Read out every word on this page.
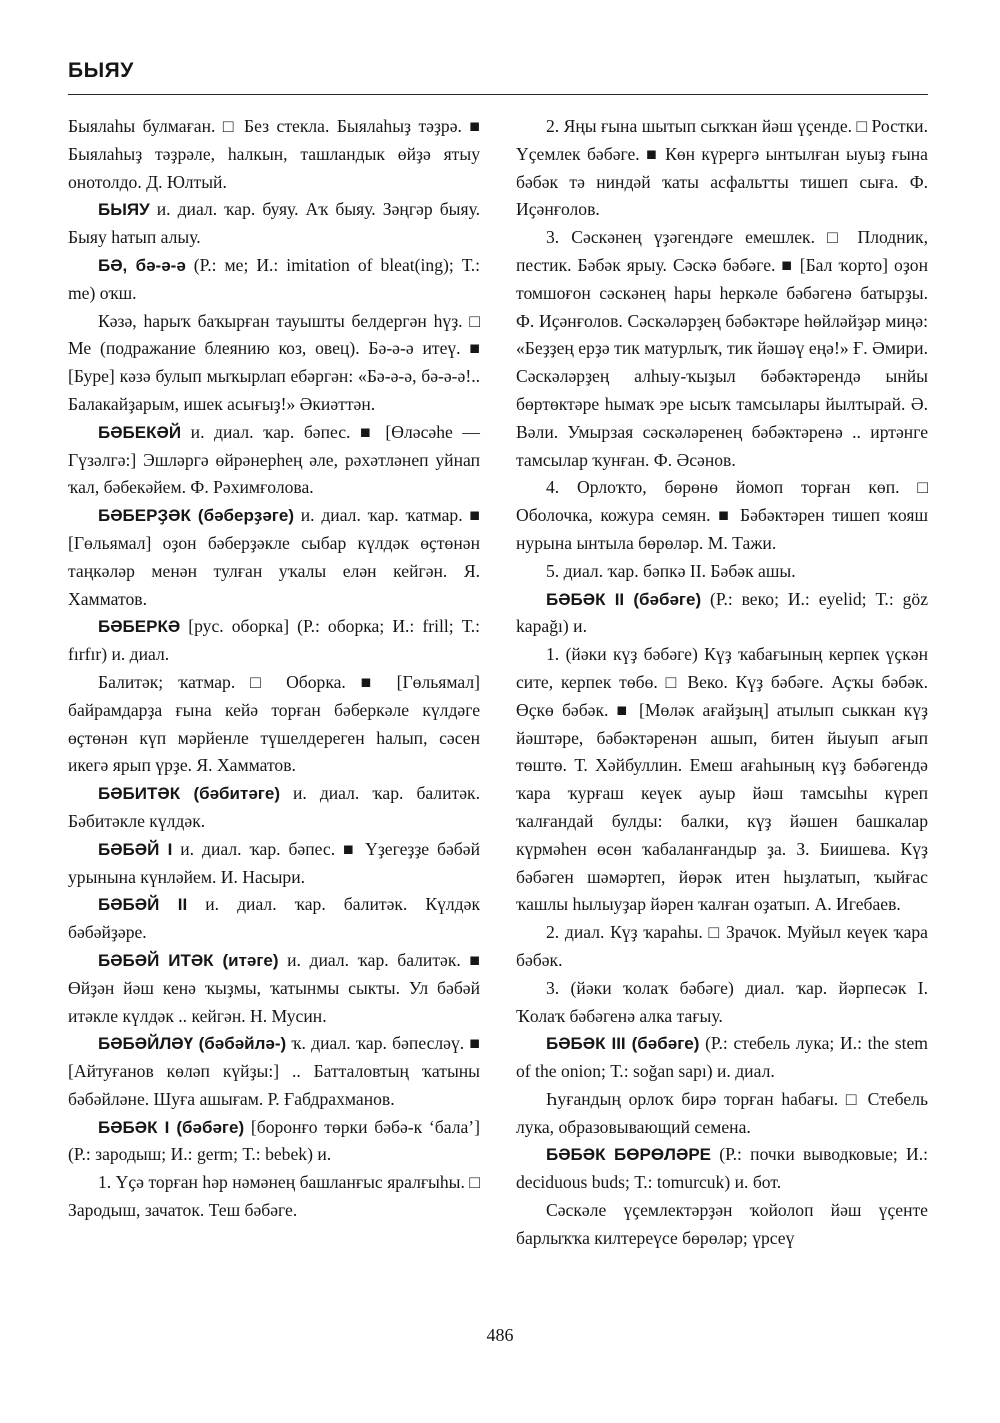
БЫЯУ

Быялаһы булмаған. □ Без стекла. Быялаһыҙ тәҙрә. ■ Быялаһыҙ тәҙрәле, һалкын, ташландык өйҙә ятыу онотолдо. Д. Юлтый.

БЫЯУ и. диал. ҡар. буяу. Аҡ быяу. Зәңгәр быяу. Быяу һатып алыу.

БӘ, бә-ә-ә (Р.: ме; И.: imitation of bleat(ing); Т.: me) оҡш.

Кәзә, һарыҡ баҡырған тауышты белдергән һүҙ. □ Ме (подражание блеянию коз, овец). Бә-ә-ә итеү. ■ [Буре] кәзә булып мыҡырлап ебәргән: «Бә-ә-ә, бә-ә-ә!.. Балакайҙарым, ишек асығыҙ!» Әкиәттән.

БӘБЕКӘЙ и. диал. ҡар. бәпес. ■ [Өләсәһе — Гүзәлгә:] Эшләргә өйрәнерһең әле, рәхәтләнеп уйнап ҡал, бәбекәйем. Ф. Рәхимғолова.

БӘБЕРҘӘК (бәберҙәге) и. диал. ҡар. ҡатмар. ■ [Гөльямал] оҙон бәберҙәкле сыбар күлдәк өҫтөнән таңкәләр менән тулған уҡалы елән кейгән. Я. Хамматов.

БӘБЕРКӘ [рус. оборка] (Р.: оборка; И.: frill; Т.: fırfır) и. диал.

Балитәк; ҡатмар. □ Оборка. ■ [Гөльямал] байрамдарҙа ғына кейә торған бәберкәле күлдәге өҫтөнән күп мәрйенле түшелдереген һалып, сәсен икегә ярып үрҙе. Я. Хамматов.

БӘБИТӘК (бәбитәге) и. диал. ҡар. балитәк. Бәбитәкле күлдәк.

БӘБӘЙ I и. диал. ҡар. бәпес. ■ Үҙегеҙҙе бәбәй урынына күнләйем. И. Насыри.

БӘБӘЙ II и. диал. ҡар. балитәк. Күлдәк бәбәйҙәре.

БӘБӘЙ ИТӘК (итәге) и. диал. ҡар. балитәк. ■ Өйҙән йәш кенә ҡыҙмы, ҡатынмы сыкты. Ул бәбәй итәкле күлдәк .. кейгән. Н. Мусин.

БӘБӘЙЛӘҮ (бәбәйлә-) ҡ. диал. ҡар. бәпесләү. ■ [Айтуғанов көләп күйҙы:] .. Батталовтың ҡатыны бәбәйләне. Шуға ашығам. Р. Ғабдрахманов.

БӘБӘК I (бәбәге) [боронғо төрки бәбә-к ‘бала’] (Р.: зародыш; И.: germ; Т.: bebek) и.

1. Үҫә торған һәр нәмәнең башланғыс яралғыһы. □ Зародыш, зачаток. Теш бәбәге.

2. Яңы ғына шытып сыҡҡан йәш үҫенде. □ Ростки. Үҫемлек бәбәге. ■ Көн күрергә ынтылған ыуыҙ ғына бәбәк тә ниндәй ҡаты асфальтты тишеп сыға. Ф. Иҫәнғолов.

3. Сәскәнең үҙәгендәге емешлек. □ Плодник, пестик. Бәбәк ярыу. Сәскә бәбәге. ■ [Бал ҡорто] оҙон томшоғон сәскәнең һары һеркәле бәбәгенә батырҙы. Ф. Иҫәнғолов. Сәскәләрҙең бәбәктәре һөйләйҙәр миңә: «Беҙҙең ерҙә тик матурлыҡ, тик йәшәү еңә!» Ғ. Әмири. Сәскәләрҙең алһыу-ҡыҙыл бәбәктәрендә ынйы бөртөктәре һымаҡ эре ысыҡ тамсылары йылтырай. Ә. Вәли. Умырзая сәскәләренең бәбәктәренә .. иртәнге тамсылар ҡунған. Ф. Әсәнов.

4. Орлоҡто, бөрөнө йомоп торған көп. □ Оболочка, кожура семян. ■ Бәбәктәрен тишеп ҡояш нурына ынтыла бөрөләр. М. Тажи.

5. диал. ҡар. бәпкә II. Бәбәк ашы.

БӘБӘК II (бәбәге) (Р.: веко; И.: eyelid; Т.: göz kapağı) и.

1. (йәки күҙ бәбәге) Күҙ ҡабағының керпек үҫкән ситe, керпек төбө. □ Веко. Күҙ бәбәге. Аҫҡы бәбәк. Өҫкө бәбәк. ■ [Мөләк ағайҙың] атылып сыккан күҙ йәштәре, бәбәктәренән ашып, битен йыуып ағып төштө. Т. Хәйбуллин. Емеш ағаһының күҙ бәбәгендә ҡара ҡурғаш кеүек ауыр йәш тамсыһы күреп ҡалғандай булды: балки, күҙ йәшен башкалар күрмәһен өсөн ҡабаланғандыр ҙа. З. Биишева. Күҙ бәбәген шәмәртеп, йөрәк итен һыҙлатып, ҡыйғас ҡашлы һылыуҙар йәрен ҡалған оҙатып. А. Игебаев.

2. диал. Күҙ ҡараһы. □ Зрачок. Муйыл кеүек ҡара бәбәк.

3. (йәки ҡолаҡ бәбәге) диал. ҡар. йәрпесәк I. Ҡолаҡ бәбәгенә алка тағыу.

БӘБӘК III (бәбәге) (Р.: стебель лука; И.: the stem of the onion; Т.: soğan sapı) и. диал.

Һуғандың орлоҡ бирә торған һабағы. □ Стебель лука, образовывающий семена.

БӘБӘК БӨРӨЛӘРЕ (Р.: почки выводковые; И.: deciduous buds; Т.: tomurcuk) и. бот.

Сәскәле үҫемлектәрҙән ҡойолоп йәш үҫенте барлыҡҡа килтереүсе бөрөләр; үрсеү

486
